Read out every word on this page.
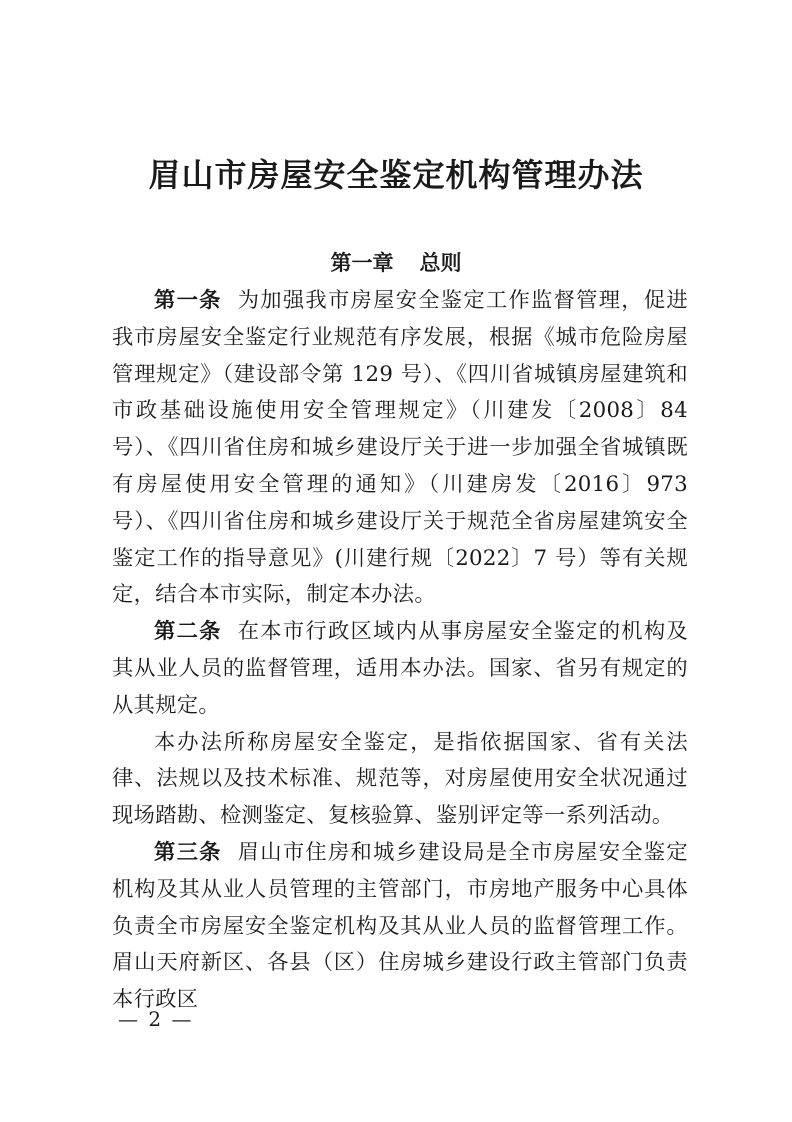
眉山市房屋安全鉴定机构管理办法
第一章 总则

第一条 为加强我市房屋安全鉴定工作监督管理，促进我市房屋安全鉴定行业规范有序发展，根据《城市危险房屋管理规定》（建设部令第 129 号）、《四川省城镇房屋建筑和市政基础设施使用安全管理规定》（川建发〔2008〕84 号）、《四川省住房和城乡建设厅关于进一步加强全省城镇既有房屋使用安全管理的通知》（川建房发〔2016〕973 号）、《四川省住房和城乡建设厅关于规范全省房屋建筑安全鉴定工作的指导意见》(川建行规〔2022〕7 号）等有关规定，结合本市实际，制定本办法。

第二条 在本市行政区域内从事房屋安全鉴定的机构及其从业人员的监督管理，适用本办法。国家、省另有规定的从其规定。

本办法所称房屋安全鉴定，是指依据国家、省有关法律、法规以及技术标准、规范等，对房屋使用安全状况通过现场踏勘、检测鉴定、复核验算、鉴别评定等一系列活动。

第三条 眉山市住房和城乡建设局是全市房屋安全鉴定机构及其从业人员管理的主管部门，市房地产服务中心具体负责全市房屋安全鉴定机构及其从业人员的监督管理工作。眉山天府新区、各县（区）住房城乡建设行政主管部门负责本行政区

— 2 —
